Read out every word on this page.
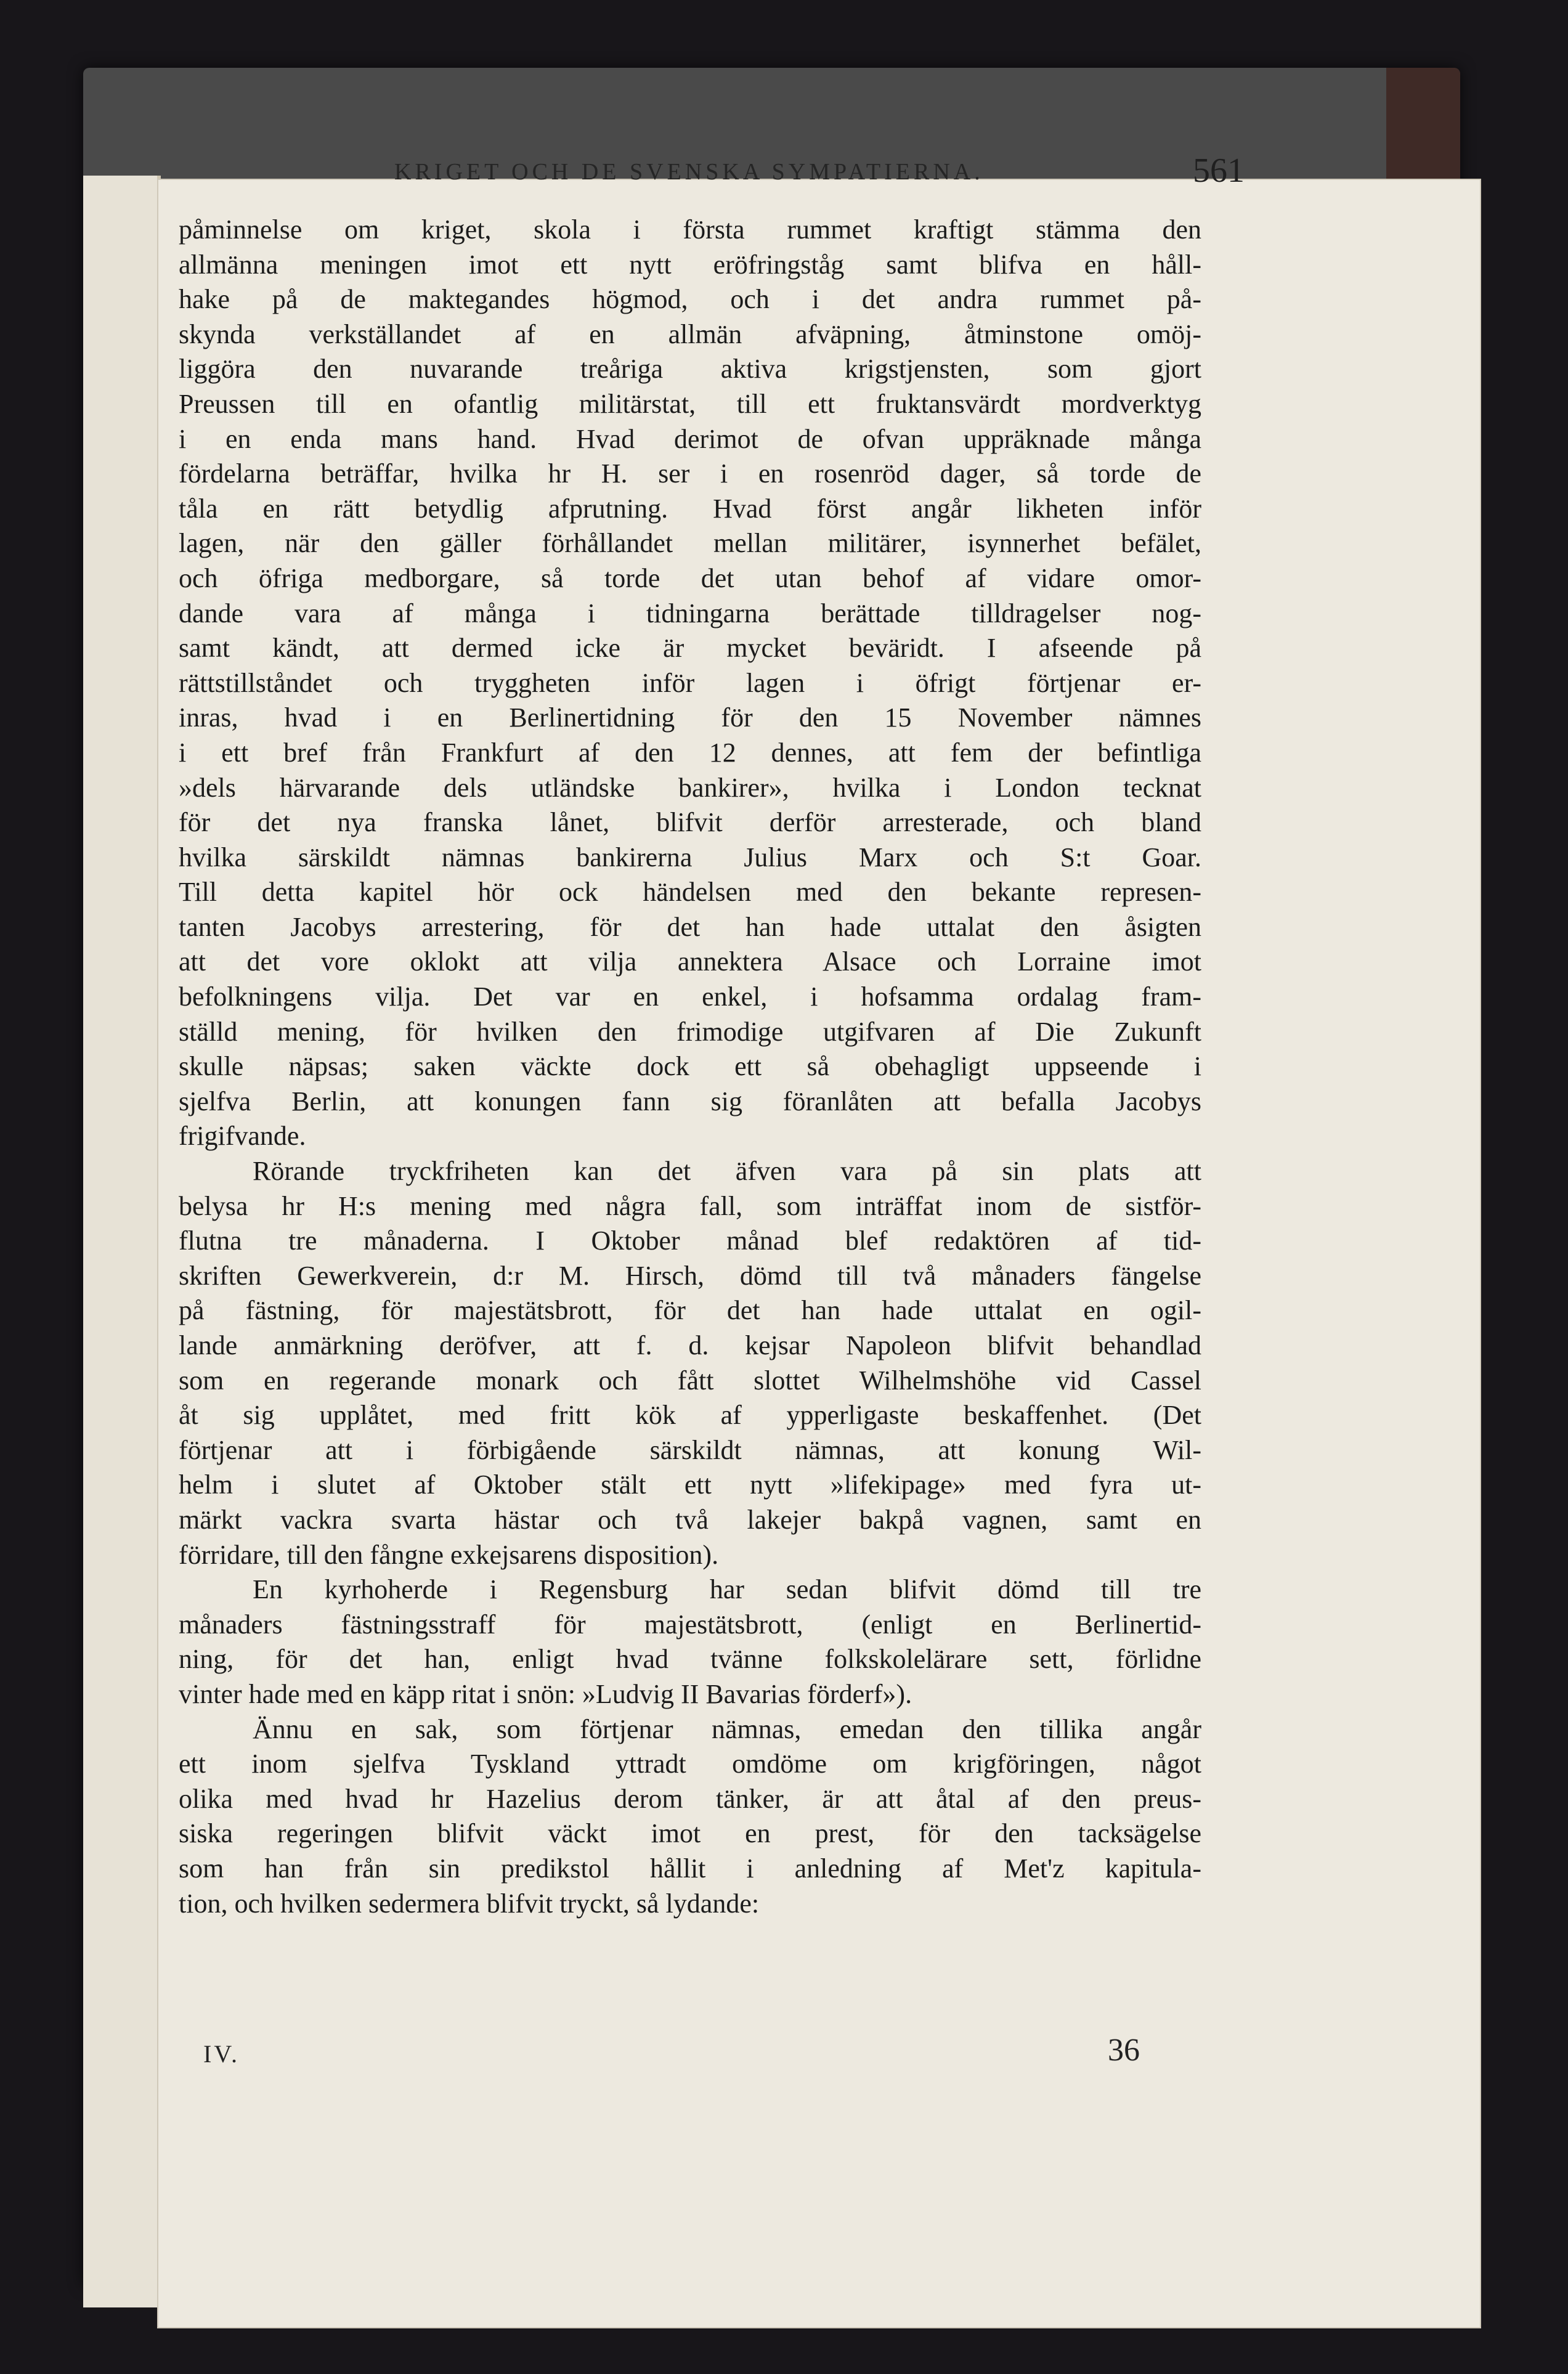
KRIGET OCH DE SVENSKA SYMPATIERNA.	561
påminnelse om kriget, skola i första rummet kraftigt stämma den
allmänna meningen imot ett nytt eröfringståg samt blifva en håll-
hake på de maktegandes högmod, och i det andra rummet på-
skynda verkställandet af en allmän afväpning, åtminstone omöj-
liggöra den nuvarande treåriga aktiva krigstjensten, som gjort
Preussen till en ofantlig militärstat, till ett fruktansvärdt mordverktyg
i en enda mans hand. Hvad derimot de ofvan uppräknade många
fördelarna beträffar, hvilka hr H. ser i en rosenröd dager, så torde de
tåla en rätt betydlig afprutning. Hvad först angår likheten inför
lagen, när den gäller förhållandet mellan militärer, isynnerhet befälet,
och öfriga medborgare, så torde det utan behof af vidare omor-
dande vara af många i tidningarna berättade tilldragelser nog-
samt kändt, att dermed icke är mycket beväridt. I afseende på
rättstillståndet och tryggheten inför lagen i öfrigt förtjenar er-
inras, hvad i en Berlinertidning för den 15 November nämnes
i ett bref från Frankfurt af den 12 dennes, att fem der befintliga
»dels härvarande dels utländske bankirer», hvilka i London tecknat
för det nya franska lånet, blifvit derför arresterade, och bland
hvilka särskildt nämnas bankirerna Julius Marx och S:t Goar.
Till detta kapitel hör ock händelsen med den bekante represen-
tanten Jacobys arrestering, för det han hade uttalat den åsigten
att det vore oklokt att vilja annektera Alsace och Lorraine imot
befolkningens vilja. Det var en enkel, i hofsamma ordalag fram-
ställd mening, för hvilken den frimodige utgifvaren af Die Zukunft
skulle näpsas; saken väckte dock ett så obehagligt uppseende i
sjelfva Berlin, att konungen fann sig föranlåten att befalla Jacobys
frigifvande.
Rörande tryckfriheten kan det äfven vara på sin plats att
belysa hr H:s mening med några fall, som inträffat inom de sistför-
flutna tre månaderna. I Oktober månad blef redaktören af tid-
skriften Gewerkverein, d:r M. Hirsch, dömd till två månaders fängelse
på fästning, för majestätsbrott, för det han hade uttalat en ogil-
lande anmärkning deröfver, att f. d. kejsar Napoleon blifvit behandlad
som en regerande monark och fått slottet Wilhelmshöhe vid Cassel
åt sig upplåtet, med fritt kök af ypperligaste beskaffenhet. (Det
förtjenar att i förbigående särskildt nämnas, att konung Wil-
helm i slutet af Oktober stält ett nytt »lifekipage» med fyra ut-
märkt vackra svarta hästar och två lakejer bakpå vagnen, samt en
förridare, till den fångne exkejsarens disposition).
En kyrhoherde i Regensburg har sedan blifvit dömd till tre
månaders fästningsstraff för majestätsbrott, (enligt en Berlinertid-
ning, för det han, enligt hvad tvänne folkskolelärare sett, förlidne
vinter hade med en käpp ritat i snön: »Ludvig II Bavarias förderf»).
Ännu en sak, som förtjenar nämnas, emedan den tillika angår
ett inom sjelfva Tyskland yttradt omdöme om krigföringen, något
olika med hvad hr Hazelius derom tänker, är att åtal af den preus-
siska regeringen blifvit väckt imot en prest, för den tacksägelse
som han från sin predikstol hållit i anledning af Met'z kapitula-
tion, och hvilken sedermera blifvit tryckt, så lydande:
IV.	36
